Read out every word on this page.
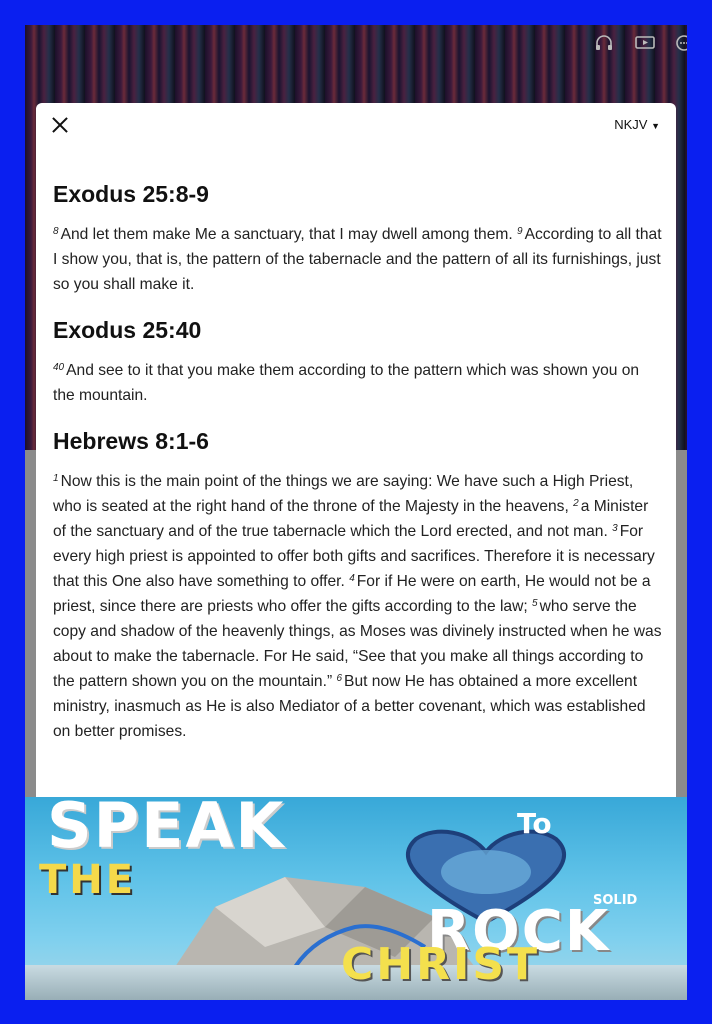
NKJV ▼
Exodus 25:8-9

$^8$ And let them make Me a sanctuary, that I may dwell among them. $^9$ According to all that I show you, that is, the pattern of the tabernacle and the pattern of all its furnishings, just so you shall make it.

Exodus 25:40

$^{40}$ And see to it that you make them according to the pattern which was shown you on the mountain.

Hebrews 8:1-6

$^1$ Now this is the main point of the things we are saying: We have such a High Priest, who is seated at the right hand of the throne of the Majesty in the heavens, $^2$ a Minister of the sanctuary and of the true tabernacle which the Lord erected, and not man. $^3$ For every high priest is appointed to offer both gifts and sacrifices. Therefore it is necessary that this One also have something to offer. $^4$ For if He were on earth, He would not be a priest, since there are priests who offer the gifts according to the law; $^5$ who serve the copy and shadow of the heavenly things, as Moses was divinely instructed when he was about to make the tabernacle. For He said, “See that you make all things according to the pattern shown you on the mountain.” $^6$ But now He has obtained a more excellent ministry, inasmuch as He is also Mediator of a better covenant, which was established on better promises.

SPEAK	To
THE	SOLID
ROCK
CHRIST
